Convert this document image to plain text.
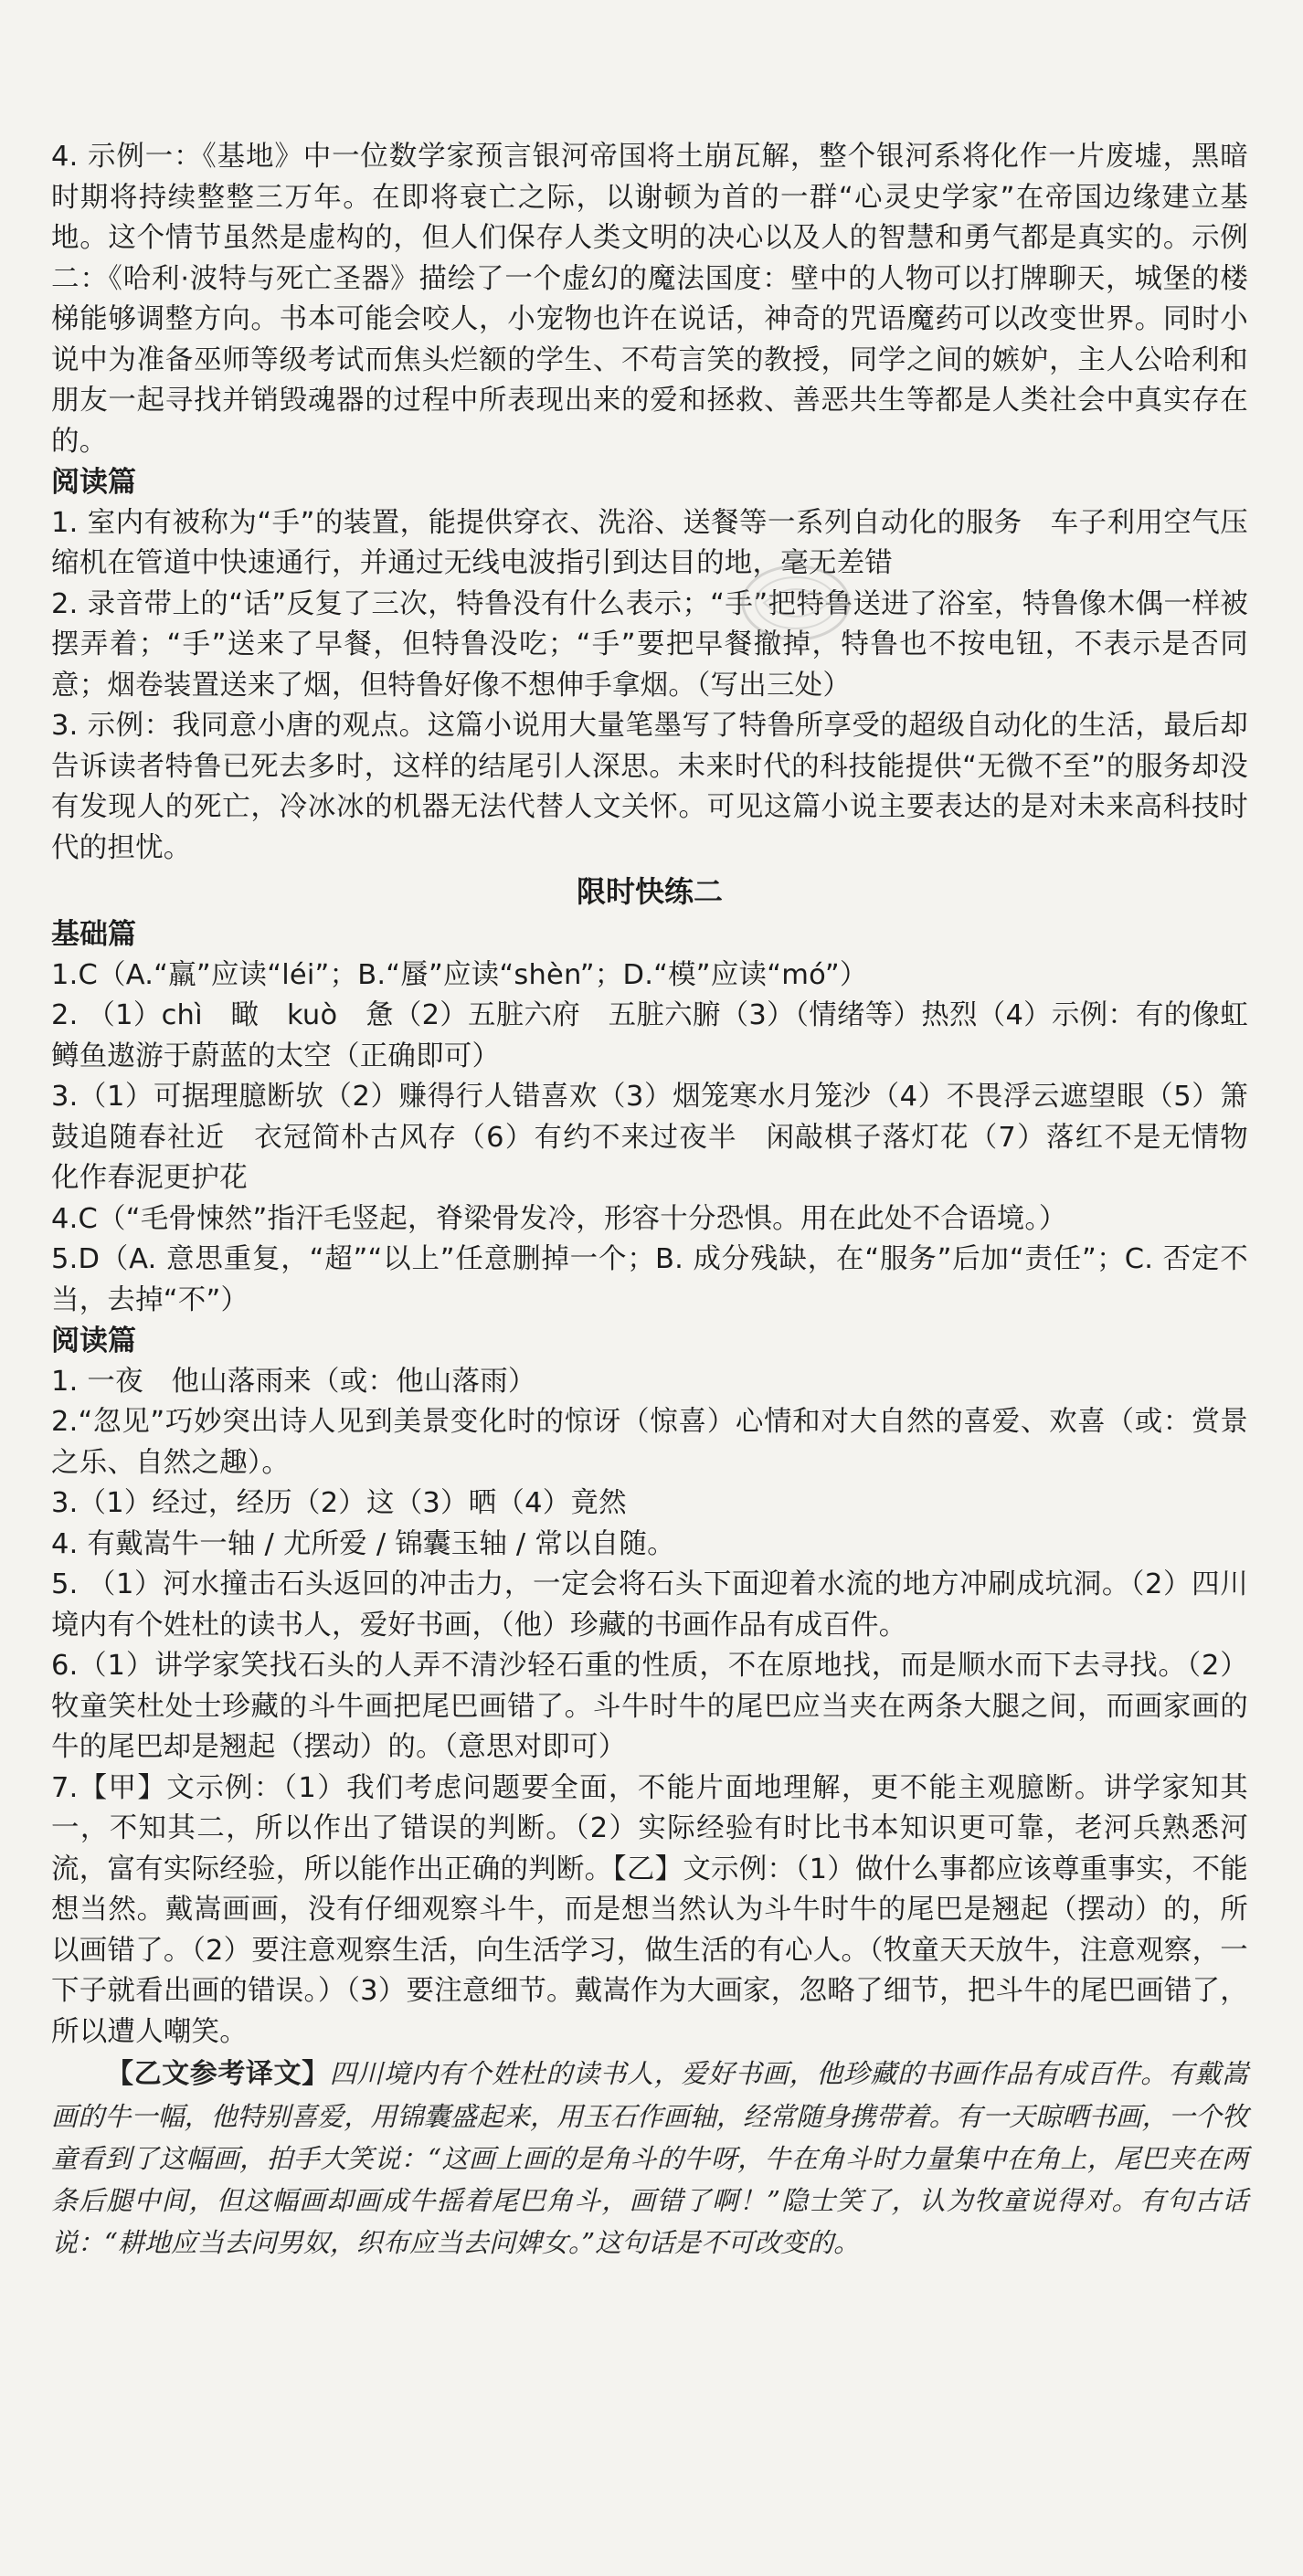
4. 示例一：《基地》中一位数学家预言银河帝国将土崩瓦解，整个银河系将化作一片废墟，黑暗时期将持续整整三万年。在即将衰亡之际，以谢顿为首的一群“心灵史学家”在帝国边缘建立基地。这个情节虽然是虚构的，但人们保存人类文明的决心以及人的智慧和勇气都是真实的。示例二：《哈利·波特与死亡圣器》描绘了一个虚幻的魔法国度：壁中的人物可以打牌聊天，城堡的楼梯能够调整方向。书本可能会咬人，小宠物也许在说话，神奇的咒语魔药可以改变世界。同时小说中为准备巫师等级考试而焦头烂额的学生、不苟言笑的教授，同学之间的嫉妒，主人公哈利和朋友一起寻找并销毁魂器的过程中所表现出来的爱和拯救、善恶共生等都是人类社会中真实存在的。

阅读篇

1. 室内有被称为“手”的装置，能提供穿衣、洗浴、送餐等一系列自动化的服务　车子利用空气压缩机在管道中快速通行，并通过无线电波指引到达目的地，毫无差错

2. 录音带上的“话”反复了三次，特鲁没有什么表示；“手”把特鲁送进了浴室，特鲁像木偶一样被摆弄着；“手”送来了早餐，但特鲁没吃；“手”要把早餐撤掉，特鲁也不按电钮，不表示是否同意；烟卷装置送来了烟，但特鲁好像不想伸手拿烟。（写出三处）

3. 示例：我同意小唐的观点。这篇小说用大量笔墨写了特鲁所享受的超级自动化的生活，最后却告诉读者特鲁已死去多时，这样的结尾引人深思。未来时代的科技能提供“无微不至”的服务却没有发现人的死亡，冷冰冰的机器无法代替人文关怀。可见这篇小说主要表达的是对未来高科技时代的担忧。

限时快练二

基础篇

1.C（A.“羸”应读“léi”；B.“蜃”应读“shèn”；D.“模”应读“mó”）

2. （1）chì　瞰　kuò　惫（2）五脏六府　五脏六腑（3）（情绪等）热烈（4）示例：有的像虹鳟鱼遨游于蔚蓝的太空（正确即可）

3.（1）可据理臆断欤（2）赚得行人错喜欢（3）烟笼寒水月笼沙（4）不畏浮云遮望眼（5）箫鼓追随春社近　衣冠简朴古风存（6）有约不来过夜半　闲敲棋子落灯花（7）落红不是无情物　化作春泥更护花

4.C（“毛骨悚然”指汗毛竖起，脊梁骨发冷，形容十分恐惧。用在此处不合语境。）

5.D（A. 意思重复，“超”“以上”任意删掉一个；B. 成分残缺，在“服务”后加“责任”；C. 否定不当，去掉“不”）

阅读篇

1. 一夜　他山落雨来（或：他山落雨）

2.“忽见”巧妙突出诗人见到美景变化时的惊讶（惊喜）心情和对大自然的喜爱、欢喜（或：赏景之乐、自然之趣）。

3.（1）经过，经历（2）这（3）晒（4）竟然

4. 有戴嵩牛一轴 / 尤所爱 / 锦囊玉轴 / 常以自随。

5. （1）河水撞击石头返回的冲击力，一定会将石头下面迎着水流的地方冲刷成坑洞。（2）四川境内有个姓杜的读书人，爱好书画，（他）珍藏的书画作品有成百件。

6.（1）讲学家笑找石头的人弄不清沙轻石重的性质，不在原地找，而是顺水而下去寻找。（2）牧童笑杜处士珍藏的斗牛画把尾巴画错了。斗牛时牛的尾巴应当夹在两条大腿之间，而画家画的牛的尾巴却是翘起（摆动）的。（意思对即可）

7.【甲】文示例：（1）我们考虑问题要全面，不能片面地理解，更不能主观臆断。讲学家知其一，不知其二，所以作出了错误的判断。（2）实际经验有时比书本知识更可靠，老河兵熟悉河流，富有实际经验，所以能作出正确的判断。【乙】文示例：（1）做什么事都应该尊重事实，不能想当然。戴嵩画画，没有仔细观察斗牛，而是想当然认为斗牛时牛的尾巴是翘起（摆动）的，所以画错了。（2）要注意观察生活，向生活学习，做生活的有心人。（牧童天天放牛，注意观察，一下子就看出画的错误。）（3）要注意细节。戴嵩作为大画家，忽略了细节，把斗牛的尾巴画错了，所以遭人嘲笑。

【乙文参考译文】四川境内有个姓杜的读书人，爱好书画，他珍藏的书画作品有成百件。有戴嵩画的牛一幅，他特别喜爱，用锦囊盛起来，用玉石作画轴，经常随身携带着。有一天晾晒书画，一个牧童看到了这幅画，拍手大笑说：“这画上画的是角斗的牛呀，牛在角斗时力量集中在角上，尾巴夹在两条后腿中间，但这幅画却画成牛摇着尾巴角斗，画错了啊！”隐士笑了，认为牧童说得对。有句古话说：“耕地应当去问男奴，织布应当去问婢女。”这句话是不可改变的。
